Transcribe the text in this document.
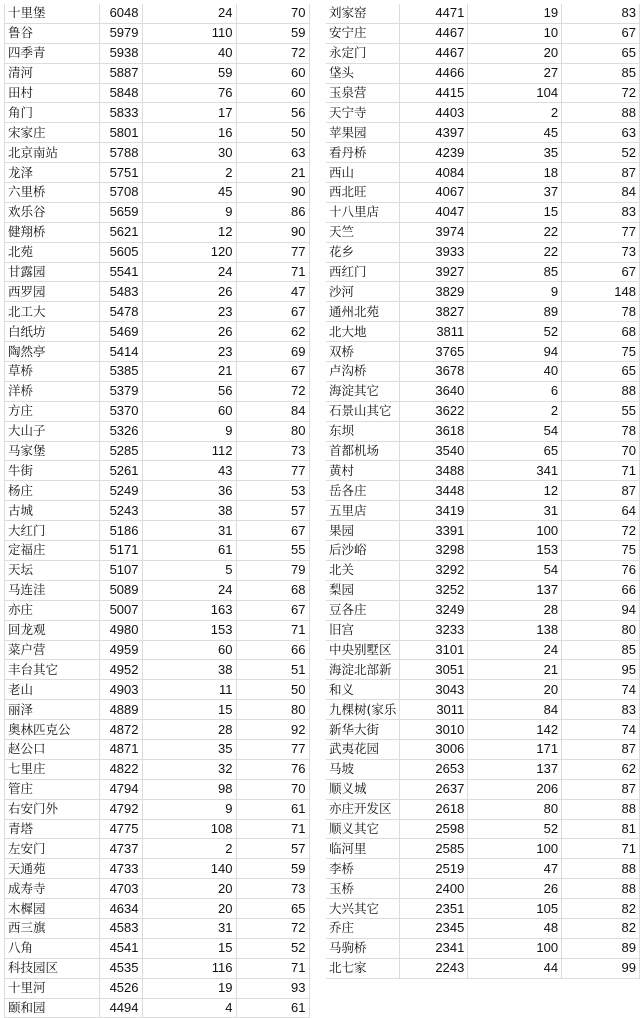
十里堡	6048	24	70
鲁谷	5979	110	59
四季青	5938	40	72
清河	5887	59	60
田村	5848	76	60
角门	5833	17	56
宋家庄	5801	16	50
北京南站	5788	30	63
龙泽	5751	2	21
六里桥	5708	45	90
欢乐谷	5659	9	86
健翔桥	5621	12	90
北苑	5605	120	77
甘露园	5541	24	71
西罗园	5483	26	47
北工大	5478	23	67
白纸坊	5469	26	62
陶然亭	5414	23	69
草桥	5385	21	67
洋桥	5379	56	72
方庄	5370	60	84
大山子	5326	9	80
马家堡	5285	112	73
牛街	5261	43	77
杨庄	5249	36	53
古城	5243	38	57
大红门	5186	31	67
定福庄	5171	61	55
天坛	5107	5	79
马连洼	5089	24	68
亦庄	5007	163	67
回龙观	4980	153	71
菜户营	4959	60	66
丰台其它	4952	38	51
老山	4903	11	50
丽泽	4889	15	80
奥林匹克公	4872	28	92
赵公口	4871	35	77
七里庄	4822	32	76
管庄	4794	98	70
右安门外	4792	9	61
青塔	4775	108	71
左安门	4737	2	57
天通苑	4733	140	59
成寿寺	4703	20	73
木樨园	4634	20	65
西三旗	4583	31	72
八角	4541	15	52
科技园区	4535	116	71
十里河	4526	19	93
颐和园	4494	4	61
刘家窑	4471	19	83
安宁庄	4467	10	67
永定门	4467	20	65
垡头	4466	27	85
玉泉营	4415	104	72
天宁寺	4403	2	88
苹果园	4397	45	63
看丹桥	4239	35	52
西山	4084	18	87
西北旺	4067	37	84
十八里店	4047	15	83
天竺	3974	22	77
花乡	3933	22	73
西红门	3927	85	67
沙河	3829	9	148
通州北苑	3827	89	78
北大地	3811	52	68
双桥	3765	94	75
卢沟桥	3678	40	65
海淀其它	3640	6	88
石景山其它	3622	2	55
东坝	3618	54	78
首都机场	3540	65	70
黄村	3488	341	71
岳各庄	3448	12	87
五里店	3419	31	64
果园	3391	100	72
后沙峪	3298	153	75
北关	3292	54	76
梨园	3252	137	66
豆各庄	3249	28	94
旧宫	3233	138	80
中央别墅区	3101	24	85
海淀北部新	3051	21	95
和义	3043	20	74
九棵树(家乐	3011	84	83
新华大街	3010	142	74
武夷花园	3006	171	87
马坡	2653	137	62
顺义城	2637	206	87
亦庄开发区	2618	80	88
顺义其它	2598	52	81
临河里	2585	100	71
李桥	2519	47	88
玉桥	2400	26	88
大兴其它	2351	105	82
乔庄	2345	48	82
马驹桥	2341	100	89
北七家	2243	44	99
